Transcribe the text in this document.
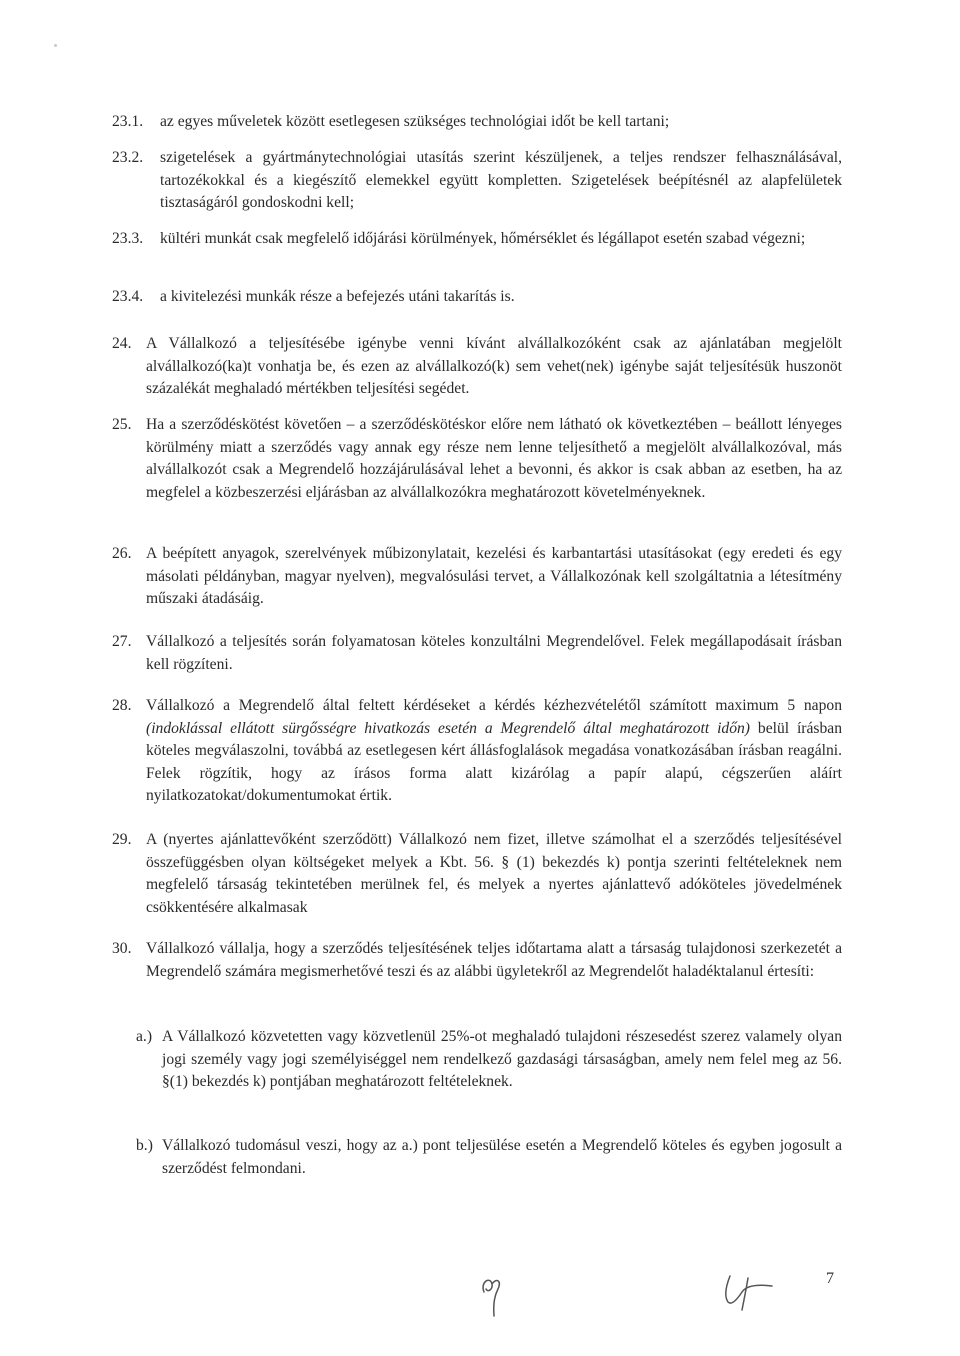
23.1. az egyes műveletek között esetlegesen szükséges technológiai időt be kell tartani;
23.2. szigetelések a gyártmánytechnológiai utasítás szerint készüljenek, a teljes rendszer felhasználásával, tartozékokkal és a kiegészítő elemekkel együtt kompletten. Szigetelések beépítésnél az alapfelületek tisztaságáról gondoskodni kell;
23.3. kültéri munkát csak megfelelő időjárási körülmények, hőmérséklet és légállapot esetén szabad végezni;
23.4. a kivitelezési munkák része a befejezés utáni takarítás is.
24. A Vállalkozó a teljesítésébe igénybe venni kívánt alvállalkozóként csak az ajánlatában megjelölt alvállalkozó(ka)t vonhatja be, és ezen az alvállalkozó(k) sem vehet(nek) igénybe saját teljesítésük huszonöt százalékát meghaladó mértékben teljesítési segédet.
25. Ha a szerződéskötést követően – a szerződéskötéskor előre nem látható ok következtében – beállott lényeges körülmény miatt a szerződés vagy annak egy része nem lenne teljesíthető a megjelölt alvállalkozóval, más alvállalkozót csak a Megrendelő hozzájárulásával lehet a bevonni, és akkor is csak abban az esetben, ha az megfelel a közbeszerzési eljárásban az alvállalkozókra meghatározott követelményeknek.
26. A beépített anyagok, szerelvények műbizonylatait, kezelési és karbantartási utasításokat (egy eredeti és egy másolati példányban, magyar nyelven), megvalósulási tervet, a Vállalkozónak kell szolgáltatnia a létesítmény műszaki átadásáig.
27. Vállalkozó a teljesítés során folyamatosan köteles konzultálni Megrendelővel. Felek megállapodásait írásban kell rögzíteni.
28. Vállalkozó a Megrendelő által feltett kérdéseket a kérdés kézhezvételétől számított maximum 5 napon (indoklással ellátott sürgősségre hivatkozás esetén a Megrendelő által meghatározott időn) belül írásban köteles megválaszolni, továbbá az esetlegesen kért állásfoglalások megadása vonatkozásában írásban reagálni. Felek rögzítik, hogy az írásos forma alatt kizárólag a papír alapú, cégszerűen aláírt nyilatkozatokat/dokumentumokat értik.
29. A (nyertes ajánlattevőként szerződött) Vállalkozó nem fizet, illetve számolhat el a szerződés teljesítésével összefüggésben olyan költségeket melyek a Kbt. 56. § (1) bekezdés k) pontja szerinti feltételeknek nem megfelelő társaság tekintetében merülnek fel, és melyek a nyertes ajánlattevő adóköteles jövedelmének csökkentésére alkalmasak
30. Vállalkozó vállalja, hogy a szerződés teljesítésének teljes időtartama alatt a társaság tulajdonosi szerkezetét a Megrendelő számára megismerhetővé teszi és az alábbi ügyletekről az Megrendelőt haladéktalanul értesíti:
a.) A Vállalkozó közvetetten vagy közvetlenül 25%-ot meghaladó tulajdoni részesedést szerez valamely olyan jogi személy vagy jogi személyiséggel nem rendelkező gazdasági társaságban, amely nem felel meg az 56. §(1) bekezdés k) pontjában meghatározott feltételeknek.
b.) Vállalkozó tudomásul veszi, hogy az a.) pont teljesülése esetén a Megrendelő köteles és egyben jogosult a szerződést felmondani.
7
